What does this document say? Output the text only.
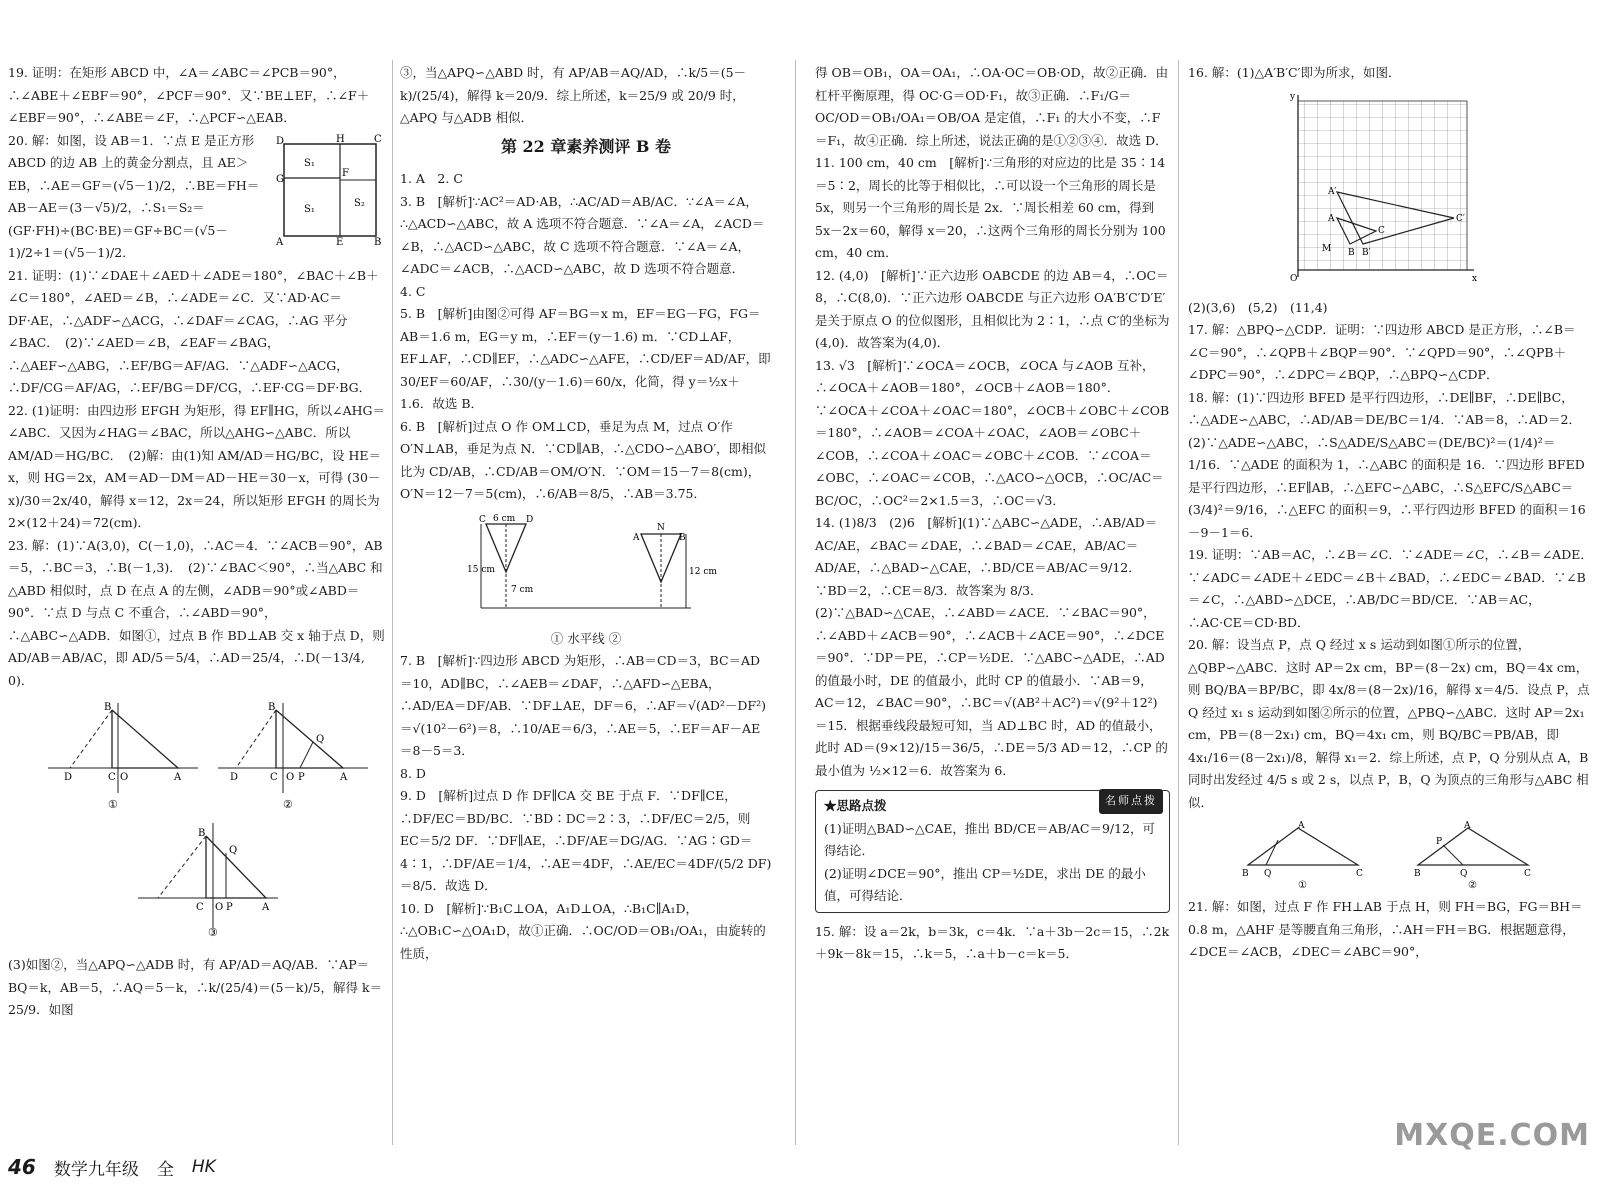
19. 证明：在矩形 ABCD 中，∠A＝∠ABC＝∠PCB＝90°，∴∠ABE＋∠EBF＝90°，∠PCF＝90°．又∵BE⊥EF，∴∠F＋∠EBF＝90°，∴∠ABE＝∠F，∴△PCF∽△EAB．

D	H	C
G
F
S₁
S₂
S₁
A	E	B

20. 解：如图，设 AB＝1．∵点 E 是正方形 ABCD 的边 AB 上的黄金分割点，且 AE＞EB，∴AE＝GF＝(√5－1)/2，∴BE＝FH＝AB－AE＝(3－√5)/2，∴S₁＝S₂＝(GF·FH)÷(BC·BE)＝GF÷BC＝(√5－1)/2÷1＝(√5－1)/2．

21. 证明：(1)∵∠DAE＋∠AED＋∠ADE＝180°，∠BAC＋∠B＋∠C＝180°，∠AED＝∠B，∴∠ADE＝∠C．又∵AD·AC＝DF·AE，∴△ADF∽△ACG，∴∠DAF＝∠CAG，∴AG 平分∠BAC．　(2)∵∠AED＝∠B，∠EAF＝∠BAG，∴△AEF∽△ABG，∴EF/BG＝AF/AG．∵△ADF∽△ACG，∴DF/CG＝AF/AG，∴EF/BG＝DF/CG，∴EF·CG＝DF·BG．

22. (1)证明：由四边形 EFGH 为矩形，得 EF∥HG，所以∠AHG＝∠ABC．又因为∠HAG＝∠BAC，所以△AHG∽△ABC．所以 AM/AD＝HG/BC．　(2)解：由(1)知 AM/AD＝HG/BC，设 HE＝x，则 HG＝2x，AM＝AD－DM＝AD－HE＝30－x，可得 (30－x)/30＝2x/40，解得 x＝12，2x＝24，所以矩形 EFGH 的周长为 2×(12＋24)＝72(cm)．

23. 解：(1)∵A(3,0)，C(－1,0)，∴AC＝4．∵∠ACB＝90°，AB＝5，∴BC＝3，∴B(－1,3)．　(2)∵∠BAC＜90°，∴当△ABC 和△ABD 相似时，点 D 在点 A 的左侧，∠ADB＝90°或∠ABD＝90°．∵点 D 与点 C 不重合，∴∠ABD＝90°，∴△ABC∽△ADB．如图①，过点 B 作 BD⊥AB 交 x 轴于点 D，则 AD/AB＝AB/AC，即 AD/5＝5/4，∴AD＝25/4，∴D(－13/4, 0)．

B
D	C O	A
①
B
D	C O P
Q
A
②
B
Q
C O P	A
③

(3)如图②，当△APQ∽△ADB 时，有 AP/AD＝AQ/AB．∵AP＝BQ＝k，AB＝5，∴AQ＝5－k，∴k/(25/4)＝(5－k)/5，解得 k＝25/9．如图

③，当△APQ∽△ABD 时，有 AP/AB＝AQ/AD，∴k/5＝(5－k)/(25/4)，解得 k＝20/9．综上所述，k＝25/9 或 20/9 时，△APQ 与△ADB 相似．

第 22 章素养测评 B 卷

1. A　2. C

3. B　[解析]∵AC²＝AD·AB，∴AC/AD＝AB/AC．∵∠A＝∠A，∴△ACD∽△ABC，故 A 选项不符合题意．∵∠A＝∠A，∠ACD＝∠B，∴△ACD∽△ABC，故 C 选项不符合题意．∵∠A＝∠A，∠ADC＝∠ACB，∴△ACD∽△ABC，故 D 选项不符合题意．

4. C

5. B　[解析]由图②可得 AF＝BG＝x m，EF＝EG－FG，FG＝AB＝1.6 m，EG＝y m，∴EF＝(y－1.6) m．∵CD⊥AF，EF⊥AF，∴CD∥EF，∴△ADC∽△AFE，∴CD/EF＝AD/AF，即 30/EF＝60/AF，∴30/(y－1.6)＝60/x，化简，得 y＝½x＋1.6．故选 B．

6. B　[解析]过点 O 作 OM⊥CD，垂足为点 M，过点 O′作 O′N⊥AB，垂足为点 N．∵CD∥AB，∴△CDO∽△ABO′，即相似比为 CD/AB，∴CD/AB＝OM/O′N．∵OM＝15－7＝8(cm)，O′N＝12－7＝5(cm)，∴6/AB＝8/5，∴AB＝3.75．

15 cm
7 cm
6 cm
C	D
12 cm
A
N
B

① 水平线 ②

7. B　[解析]∵四边形 ABCD 为矩形，∴AB＝CD＝3，BC＝AD＝10，AD∥BC，∴∠AEB＝∠DAF，∴△AFD∽△EBA，∴AD/EA＝DF/AB．∵DF⊥AE，DF＝6，∴AF＝√(AD²－DF²)＝√(10²－6²)＝8，∴10/AE＝6/3，∴AE＝5，∴EF＝AF－AE＝8－5＝3．

8. D

9. D　[解析]过点 D 作 DF∥CA 交 BE 于点 F．∵DF∥CE，∴DF/EC＝BD/BC．∵BD∶DC＝2∶3，∴DF/EC＝2/5，则 EC＝5/2 DF．∵DF∥AE，∴DF/AE＝DG/AG．∵AG∶GD＝4∶1，∴DF/AE＝1/4，∴AE＝4DF，∴AE/EC＝4DF/(5/2 DF)＝8/5．故选 D．

10. D　[解析]∵B₁C⊥OA，A₁D⊥OA，∴B₁C∥A₁D，∴△OB₁C∽△OA₁D，故①正确．∴OC/OD＝OB₁/OA₁，由旋转的性质，

得 OB＝OB₁，OA＝OA₁，∴OA·OC＝OB·OD，故②正确．由杠杆平衡原理，得 OC·G＝OD·F₁，故③正确．∴F₁/G＝OC/OD＝OB₁/OA₁＝OB/OA 是定值，∴F₁ 的大小不变，∴F＝F₁，故④正确．综上所述，说法正确的是①②③④．故选 D．

11. 100 cm，40 cm　[解析]∵三角形的对应边的比是 35∶14＝5∶2，周长的比等于相似比，∴可以设一个三角形的周长是 5x，则另一个三角形的周长是 2x．∵周长相差 60 cm，得到 5x－2x＝60，解得 x＝20，∴这两个三角形的周长分别为 100 cm，40 cm．

12. (4,0)　[解析]∵正六边形 OABCDE 的边 AB＝4，∴OC＝8，∴C(8,0)．∵正六边形 OABCDE 与正六边形 OA′B′C′D′E′是关于原点 O 的位似图形，且相似比为 2∶1，∴点 C′的坐标为(4,0)．故答案为(4,0)．

13. √3　[解析]∵∠OCA＝∠OCB，∠OCA 与∠AOB 互补，∴∠OCA＋∠AOB＝180°，∠OCB＋∠AOB＝180°．∵∠OCA＋∠COA＋∠OAC＝180°，∠OCB＋∠OBC＋∠COB＝180°，∴∠AOB＝∠COA＋∠OAC，∠AOB＝∠OBC＋∠COB，∴∠COA＋∠OAC＝∠OBC＋∠COB．∵∠COA＝∠OBC，∴∠OAC＝∠COB，∴△ACO∽△OCB，∴OC/AC＝BC/OC，∴OC²＝2×1.5＝3，∴OC＝√3．

14. (1)8/3　(2)6　[解析](1)∵△ABC∽△ADE，∴AB/AD＝AC/AE，∠BAC＝∠DAE，∴∠BAD＝∠CAE，AB/AC＝AD/AE，∴△BAD∽△CAE，∴BD/CE＝AB/AC＝9/12．∵BD＝2，∴CE＝8/3．故答案为 8/3．(2)∵△BAD∽△CAE，∴∠ABD＝∠ACE．∵∠BAC＝90°，∴∠ABD＋∠ACB＝90°，∴∠ACB＋∠ACE＝90°，∴∠DCE＝90°．∵DP＝PE，∴CP＝½DE．∵△ABC∽△ADE，∴AD 的值最小时，DE 的值最小，此时 CP 的值最小．∵AB＝9，AC＝12，∠BAC＝90°，∴BC＝√(AB²＋AC²)＝√(9²＋12²)＝15．根据垂线段最短可知，当 AD⊥BC 时，AD 的值最小，此时 AD＝(9×12)/15＝36/5，∴DE＝5/3 AD＝12，∴CP 的最小值为 ½×12＝6．故答案为 6．

名师点拨

★思路点拨

(1)证明△BAD∽△CAE，推出 BD/CE＝AB/AC＝9/12，可得结论．

(2)证明∠DCE＝90°，推出 CP＝½DE，求出 DE 的最小值，可得结论．

15. 解：设 a＝2k，b＝3k，c＝4k．∵a＋3b－2c＝15，∴2k＋9k－8k＝15，∴k＝5，∴a＋b－c＝k＝5．

16. 解：(1)△A′B′C′即为所求，如图．

y
x
O
A′
C′
B′
A
C
B
M

(2)(3,6)　(5,2)　(11,4)

17. 解：△BPQ∽△CDP．证明：∵四边形 ABCD 是正方形，∴∠B＝∠C＝90°，∴∠QPB＋∠BQP＝90°．∵∠QPD＝90°，∴∠QPB＋∠DPC＝90°，∴∠DPC＝∠BQP，∴△BPQ∽△CDP．

18. 解：(1)∵四边形 BFED 是平行四边形，∴DE∥BF，∴DE∥BC，∴△ADE∽△ABC，∴AD/AB＝DE/BC＝1/4．∵AB＝8，∴AD＝2．　(2)∵△ADE∽△ABC，∴S△ADE/S△ABC＝(DE/BC)²＝(1/4)²＝1/16．∵△ADE 的面积为 1，∴△ABC 的面积是 16．∵四边形 BFED 是平行四边形，∴EF∥AB，∴△EFC∽△ABC，∴S△EFC/S△ABC＝(3/4)²＝9/16，∴△EFC 的面积＝9，∴平行四边形 BFED 的面积＝16－9－1＝6．

19. 证明：∵AB＝AC，∴∠B＝∠C．∵∠ADE＝∠C，∴∠B＝∠ADE．∵∠ADC＝∠ADE＋∠EDC＝∠B＋∠BAD，∴∠EDC＝∠BAD．∵∠B＝∠C，∴△ABD∽△DCE，∴AB/DC＝BD/CE．∵AB＝AC，∴AC·CE＝CD·BD．

20. 解：设当点 P，点 Q 经过 x s 运动到如图①所示的位置，△QBP∽△ABC．这时 AP＝2x cm，BP＝(8－2x) cm，BQ＝4x cm，则 BQ/BA＝BP/BC，即 4x/8＝(8－2x)/16，解得 x＝4/5．设点 P，点 Q 经过 x₁ s 运动到如图②所示的位置，△PBQ∽△ABC．这时 AP＝2x₁ cm，PB＝(8－2x₁) cm，BQ＝4x₁ cm，则 BQ/BC＝PB/AB，即 4x₁/16＝(8－2x₁)/8，解得 x₁＝2．综上所述，点 P，Q 分别从点 A，B 同时出发经过 4/5 s 或 2 s，以点 P，B，Q 为顶点的三角形与△ABC 相似．

B Q
A
C	B
P
A
Q	C
①	②

21. 解：如图，过点 F 作 FH⊥AB 于点 H，则 FH＝BG，FG＝BH＝0.8 m，△AHF 是等腰直角三角形，∴AH＝FH＝BG．根据题意得，∠DCE＝∠ACB，∠DEC＝∠ABC＝90°，

46 数学九年级 全 HK
MXQE.COM
